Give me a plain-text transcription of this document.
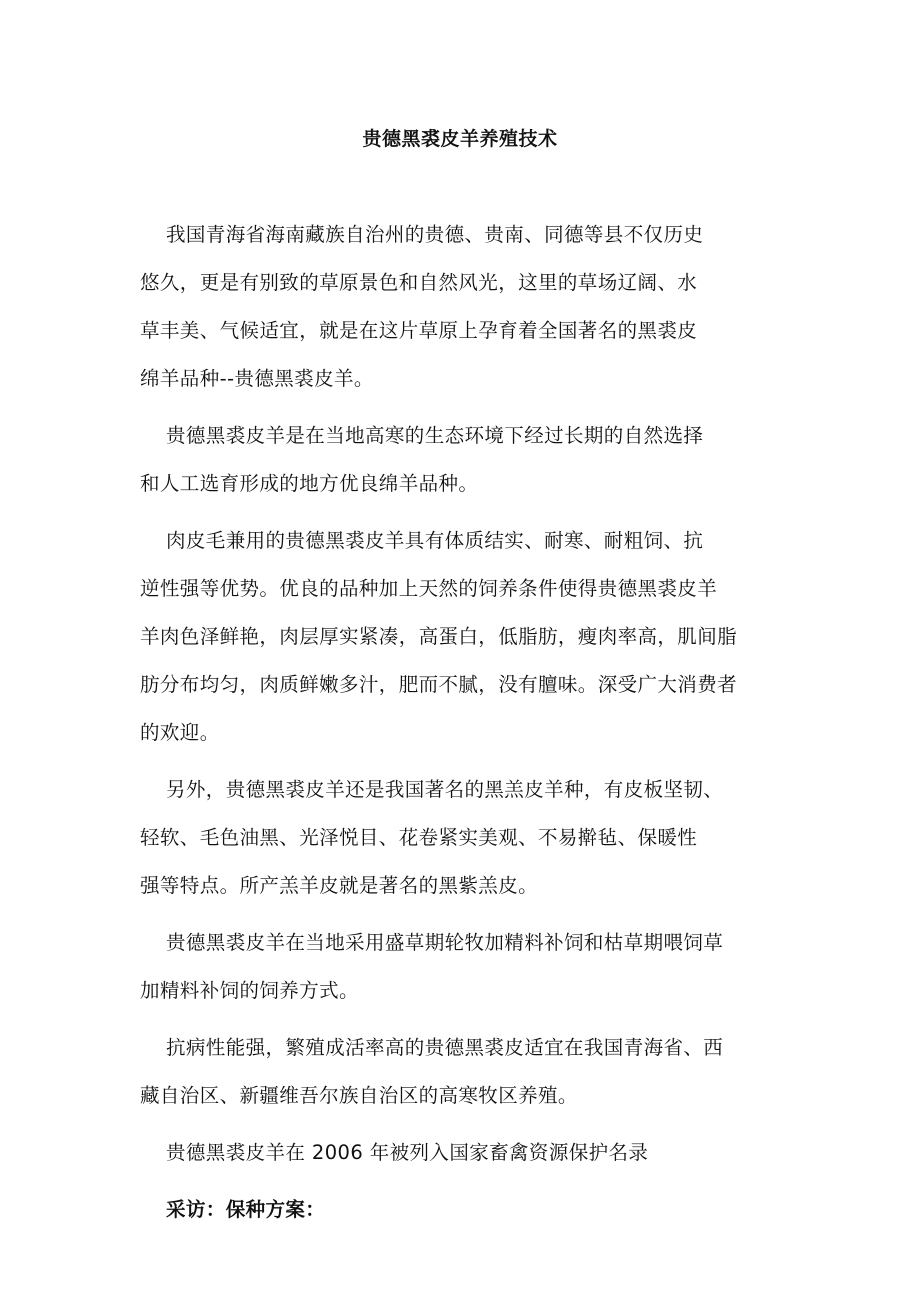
贵德黑裘皮羊养殖技术

我国青海省海南藏族自治州的贵德、贵南、同德等县不仅历史
悠久，更是有别致的草原景色和自然风光，这里的草场辽阔、水
草丰美、气候适宜，就是在这片草原上孕育着全国著名的黑裘皮
绵羊品种--贵德黑裘皮羊。

贵德黑裘皮羊是在当地高寒的生态环境下经过长期的自然选择
和人工选育形成的地方优良绵羊品种。

肉皮毛兼用的贵德黑裘皮羊具有体质结实、耐寒、耐粗饲、抗
逆性强等优势。优良的品种加上天然的饲养条件使得贵德黑裘皮羊
羊肉色泽鲜艳，肉层厚实紧凑，高蛋白，低脂肪，瘦肉率高，肌间脂
肪分布均匀，肉质鲜嫩多汁，肥而不腻，没有膻味。深受广大消费者
的欢迎。

另外，贵德黑裘皮羊还是我国著名的黑羔皮羊种，有皮板坚韧、
轻软、毛色油黑、光泽悦目、花卷紧实美观、不易擀毡、保暖性
强等特点。所产羔羊皮就是著名的黑紫羔皮。

贵德黑裘皮羊在当地采用盛草期轮牧加精料补饲和枯草期喂饲草
加精料补饲的饲养方式。

抗病性能强，繁殖成活率高的贵德黑裘皮适宜在我国青海省、西
藏自治区、新疆维吾尔族自治区的高寒牧区养殖。

贵德黑裘皮羊在 2006 年被列入国家畜禽资源保护名录

采访：保种方案：
